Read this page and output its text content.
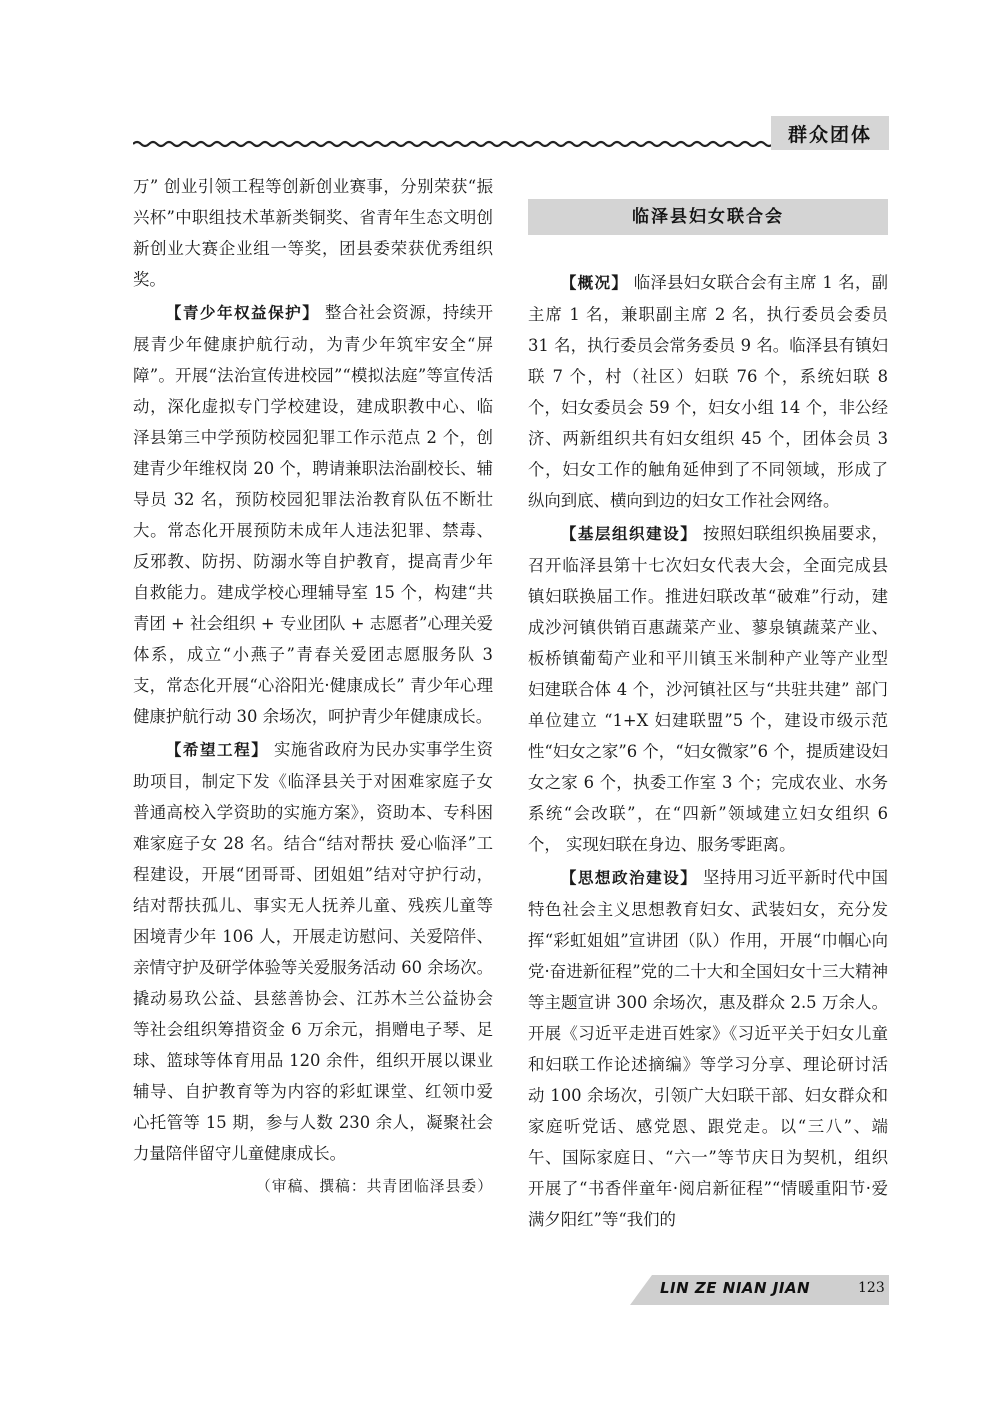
群众团体

万” 创业引领工程等创新创业赛事，分别荣获“振兴杯”中职组技术革新类铜奖、省青年生态文明创新创业大赛企业组一等奖，团县委荣获优秀组织奖。

【青少年权益保护】 整合社会资源，持续开展青少年健康护航行动，为青少年筑牢安全“屏障”。开展“法治宣传进校园”“模拟法庭”等宣传活动，深化虚拟专门学校建设，建成职教中心、临泽县第三中学预防校园犯罪工作示范点 2 个，创建青少年维权岗 20 个，聘请兼职法治副校长、辅导员 32 名，预防校园犯罪法治教育队伍不断壮大。常态化开展预防未成年人违法犯罪、禁毒、反邪教、防拐、防溺水等自护教育，提高青少年自救能力。建成学校心理辅导室 15 个，构建“共青团 + 社会组织 + 专业团队 + 志愿者”心理关爱体系，成立“小燕子”青春关爱团志愿服务队 3 支，常态化开展“心浴阳光·健康成长” 青少年心理健康护航行动 30 余场次，呵护青少年健康成长。

【希望工程】 实施省政府为民办实事学生资助项目，制定下发《临泽县关于对困难家庭子女普通高校入学资助的实施方案》，资助本、专科困难家庭子女 28 名。结合“结对帮扶 爱心临泽”工程建设，开展“团哥哥、团姐姐”结对守护行动，结对帮扶孤儿、事实无人抚养儿童、残疾儿童等困境青少年 106 人，开展走访慰问、关爱陪伴、亲情守护及研学体验等关爱服务活动 60 余场次。撬动易玖公益、县慈善协会、江苏木兰公益协会等社会组织筹措资金 6 万余元，捐赠电子琴、足球、篮球等体育用品 120 余件，组织开展以课业辅导、自护教育等为内容的彩虹课堂、红领巾爱心托管等 15 期，参与人数 230 余人，凝聚社会力量陪伴留守儿童健康成长。

（审稿、撰稿：共青团临泽县委）
临泽县妇女联合会

【概况】 临泽县妇女联合会有主席 1 名，副主席 1 名，兼职副主席 2 名，执行委员会委员 31 名，执行委员会常务委员 9 名。临泽县有镇妇联 7 个，村（社区）妇联 76 个，系统妇联 8 个，妇女委员会 59 个，妇女小组 14 个，非公经济、两新组织共有妇女组织 45 个，团体会员 3 个，妇女工作的触角延伸到了不同领域，形成了纵向到底、横向到边的妇女工作社会网络。

【基层组织建设】 按照妇联组织换届要求，召开临泽县第十七次妇女代表大会，全面完成县镇妇联换届工作。推进妇联改革“破难”行动，建成沙河镇供销百惠蔬菜产业、蓼泉镇蔬菜产业、板桥镇葡萄产业和平川镇玉米制种产业等产业型妇建联合体 4 个，沙河镇社区与“共驻共建” 部门单位建立 “1+X 妇建联盟”5 个，建设市级示范性“妇女之家”6 个，“妇女微家”6 个，提质建设妇女之家 6 个，执委工作室 3 个；完成农业、水务系统“会改联”，在“四新”领域建立妇女组织 6 个， 实现妇联在身边、服务零距离。

【思想政治建设】 坚持用习近平新时代中国特色社会主义思想教育妇女、武装妇女，充分发挥“彩虹姐姐”宣讲团（队）作用，开展“巾帼心向党·奋进新征程”党的二十大和全国妇女十三大精神等主题宣讲 300 余场次，惠及群众 2.5 万余人。开展《习近平走进百姓家》《习近平关于妇女儿童和妇联工作论述摘编》等学习分享、理论研讨活动 100 余场次，引领广大妇联干部、妇女群众和家庭听党话、感党恩、跟党走。以“三八”、端午、国际家庭日、“六一”等节庆日为契机，组织开展了“书香伴童年·阅启新征程”“情暖重阳节·爱满夕阳红”等“我们的

LIN ZE NIAN JIAN	123
